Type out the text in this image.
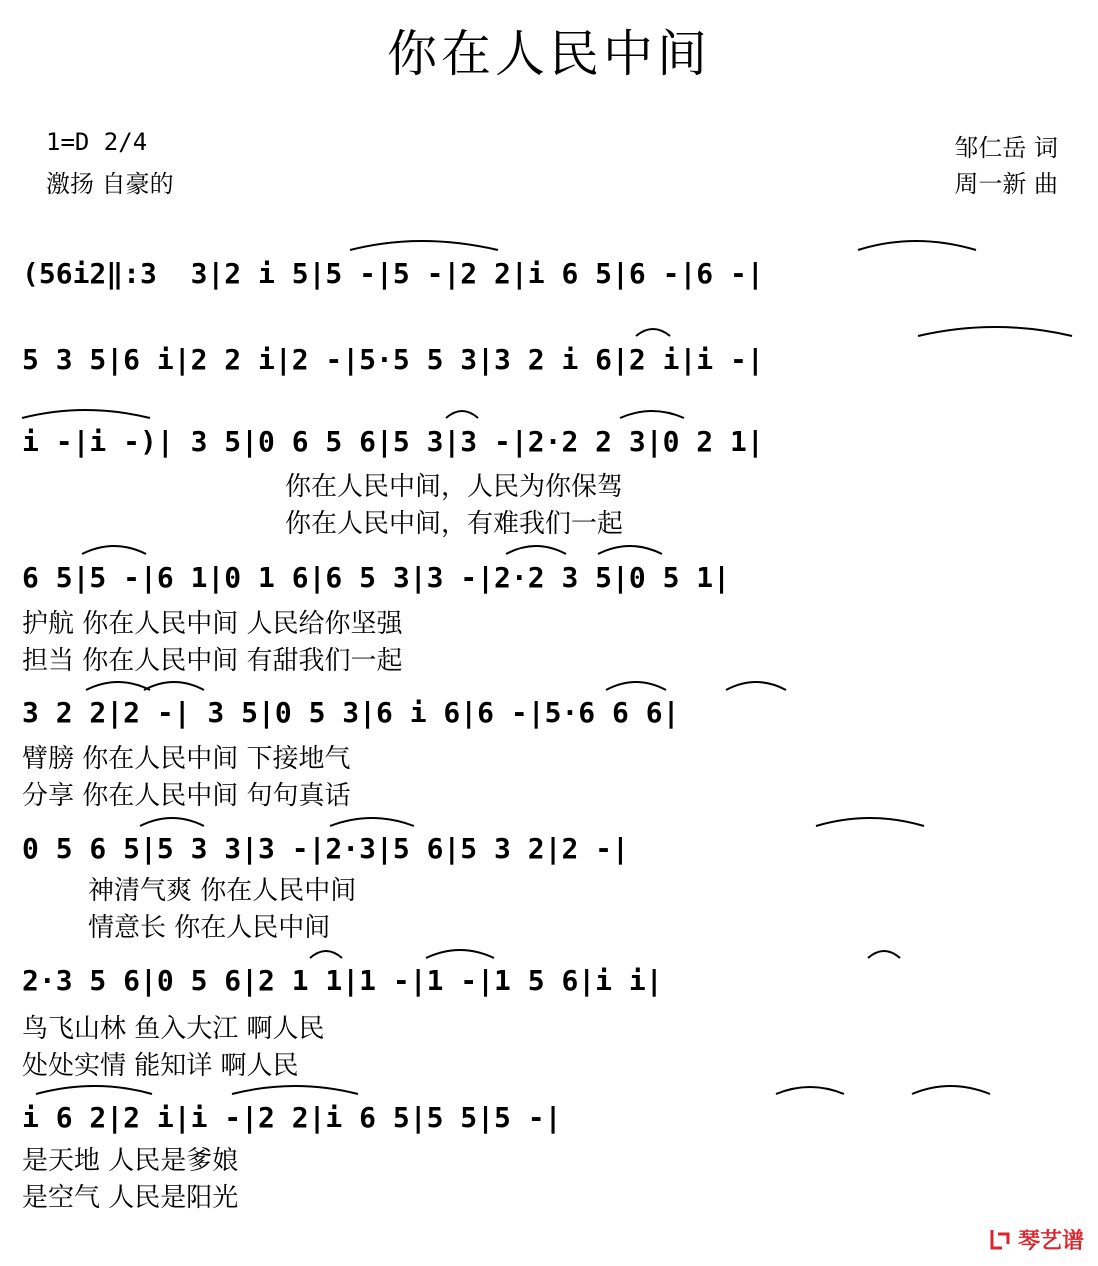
你在人民中间
1=D 2/4
激扬 自豪的
邹仁岳 词
周一新 曲
(56i2‖:3  3|2 i 5|5 -|5 -|2 2|i 6 5|6 -|6 -|
5 3 5|6 i|2 2 i|2 -|5·5 5 3|3 2 i 6|2 i|i -|
i -|i -)| 3 5|0 6 5 6|5 3|3 -|2·2 2 3|0 2 1|
你在人民中间，人民为你保驾
你在人民中间，有难我们一起
6 5|5 -|6 1|0 1 6|6 5 3|3 -|2·2 3 5|0 5 1|
护航 你在人民中间 人民给你坚强
担当 你在人民中间 有甜我们一起
3 2 2|2 -| 3 5|0 5 3|6 i 6|6 -|5·6 6 6|
臂膀 你在人民中间 下接地气
分享 你在人民中间 句句真话
0 5 6 5|5 3 3|3 -|2·3|5 6|5 3 2|2 -|
神清气爽 你在人民中间
情意长 你在人民中间
2·3 5 6|0 5 6|2 1 1|1 -|1 -|1 5 6|i i|
鸟飞山林 鱼入大江 啊人民
处处实情 能知详 啊人民
i 6 2|2 i|i -|2 2|i 6 5|5 5|5 -|
是天地 人民是爹娘
是空气 人民是阳光
琴艺谱
